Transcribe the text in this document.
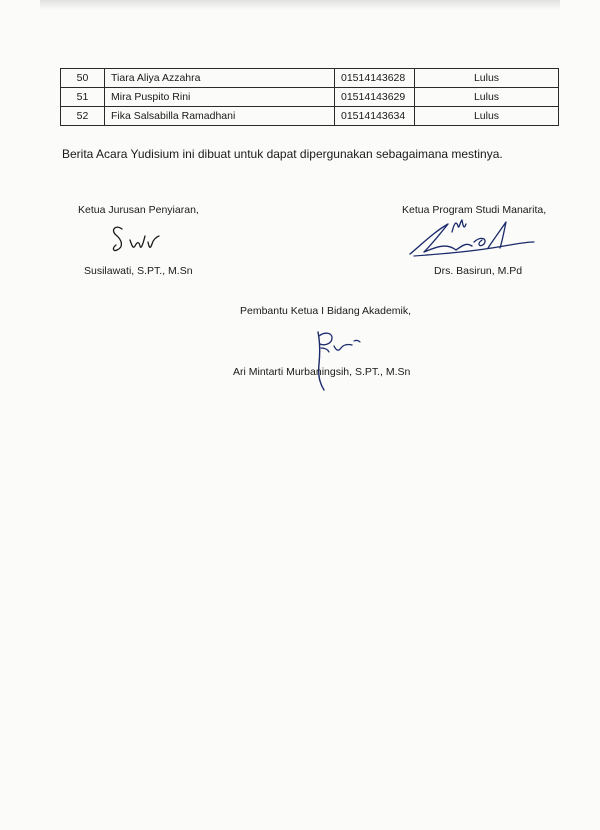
50	Tiara Aliya Azzahra	01514143628	Lulus
51	Mira Puspito Rini	01514143629	Lulus
52	Fika Salsabilla Ramadhani	01514143634	Lulus
Berita Acara Yudisium ini dibuat untuk dapat dipergunakan sebagaimana mestinya.
Ketua Jurusan Penyiaran,
Susilawati, S.PT., M.Sn
Ketua Program Studi Manarita,
Drs. Basirun, M.Pd
Pembantu Ketua I Bidang Akademik,
Ari Mintarti Murbaningsih, S.PT., M.Sn
